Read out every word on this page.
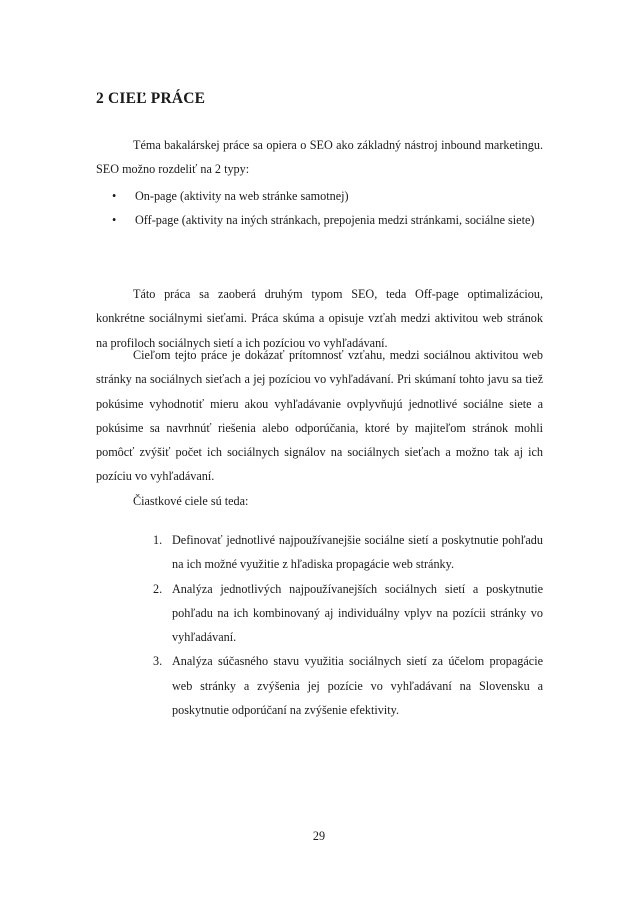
2 CIEĽ PRÁCE

Téma bakalárskej práce sa opiera o SEO ako základný nástroj inbound marketingu. SEO možno rozdeliť na 2 typy:

• On-page (aktivity na web stránke samotnej)
• Off-page (aktivity na iných stránkach, prepojenia medzi stránkami, sociálne siete)

Táto práca sa zaoberá druhým typom SEO, teda Off-page optimalizáciou, konkrétne sociálnymi sieťami. Práca skúma a opisuje vzťah medzi aktivitou web stránok na profiloch sociálnych sietí a ich pozíciou vo vyhľadávaní.

Cieľom tejto práce je dokázať prítomnosť vzťahu, medzi sociálnou aktivitou web stránky na sociálnych sieťach a jej pozíciou vo vyhľadávaní. Pri skúmaní tohto javu sa tiež pokúsime vyhodnotiť mieru akou vyhľadávanie ovplyvňujú jednotlivé sociálne siete a pokúsime sa navrhnúť riešenia alebo odporúčania, ktoré by majiteľom stránok mohli pomôcť zvýšiť počet ich sociálnych signálov na sociálnych sieťach a možno tak aj ich pozíciu vo vyhľadávaní.

Čiastkové ciele sú teda:

1. Definovať jednotlivé najpoužívanejšie sociálne sietí a poskytnutie pohľadu na ich možné využitie z hľadiska propagácie web stránky.
2. Analýza jednotlivých najpoužívanejších sociálnych sietí a poskytnutie pohľadu na ich kombinovaný aj individuálny vplyv na pozícii stránky vo vyhľadávaní.
3. Analýza súčasného stavu využitia sociálnych sietí za účelom propagácie web stránky a zvýšenia jej pozície vo vyhľadávaní na Slovensku a poskytnutie odporúčaní na zvýšenie efektivity.
29
